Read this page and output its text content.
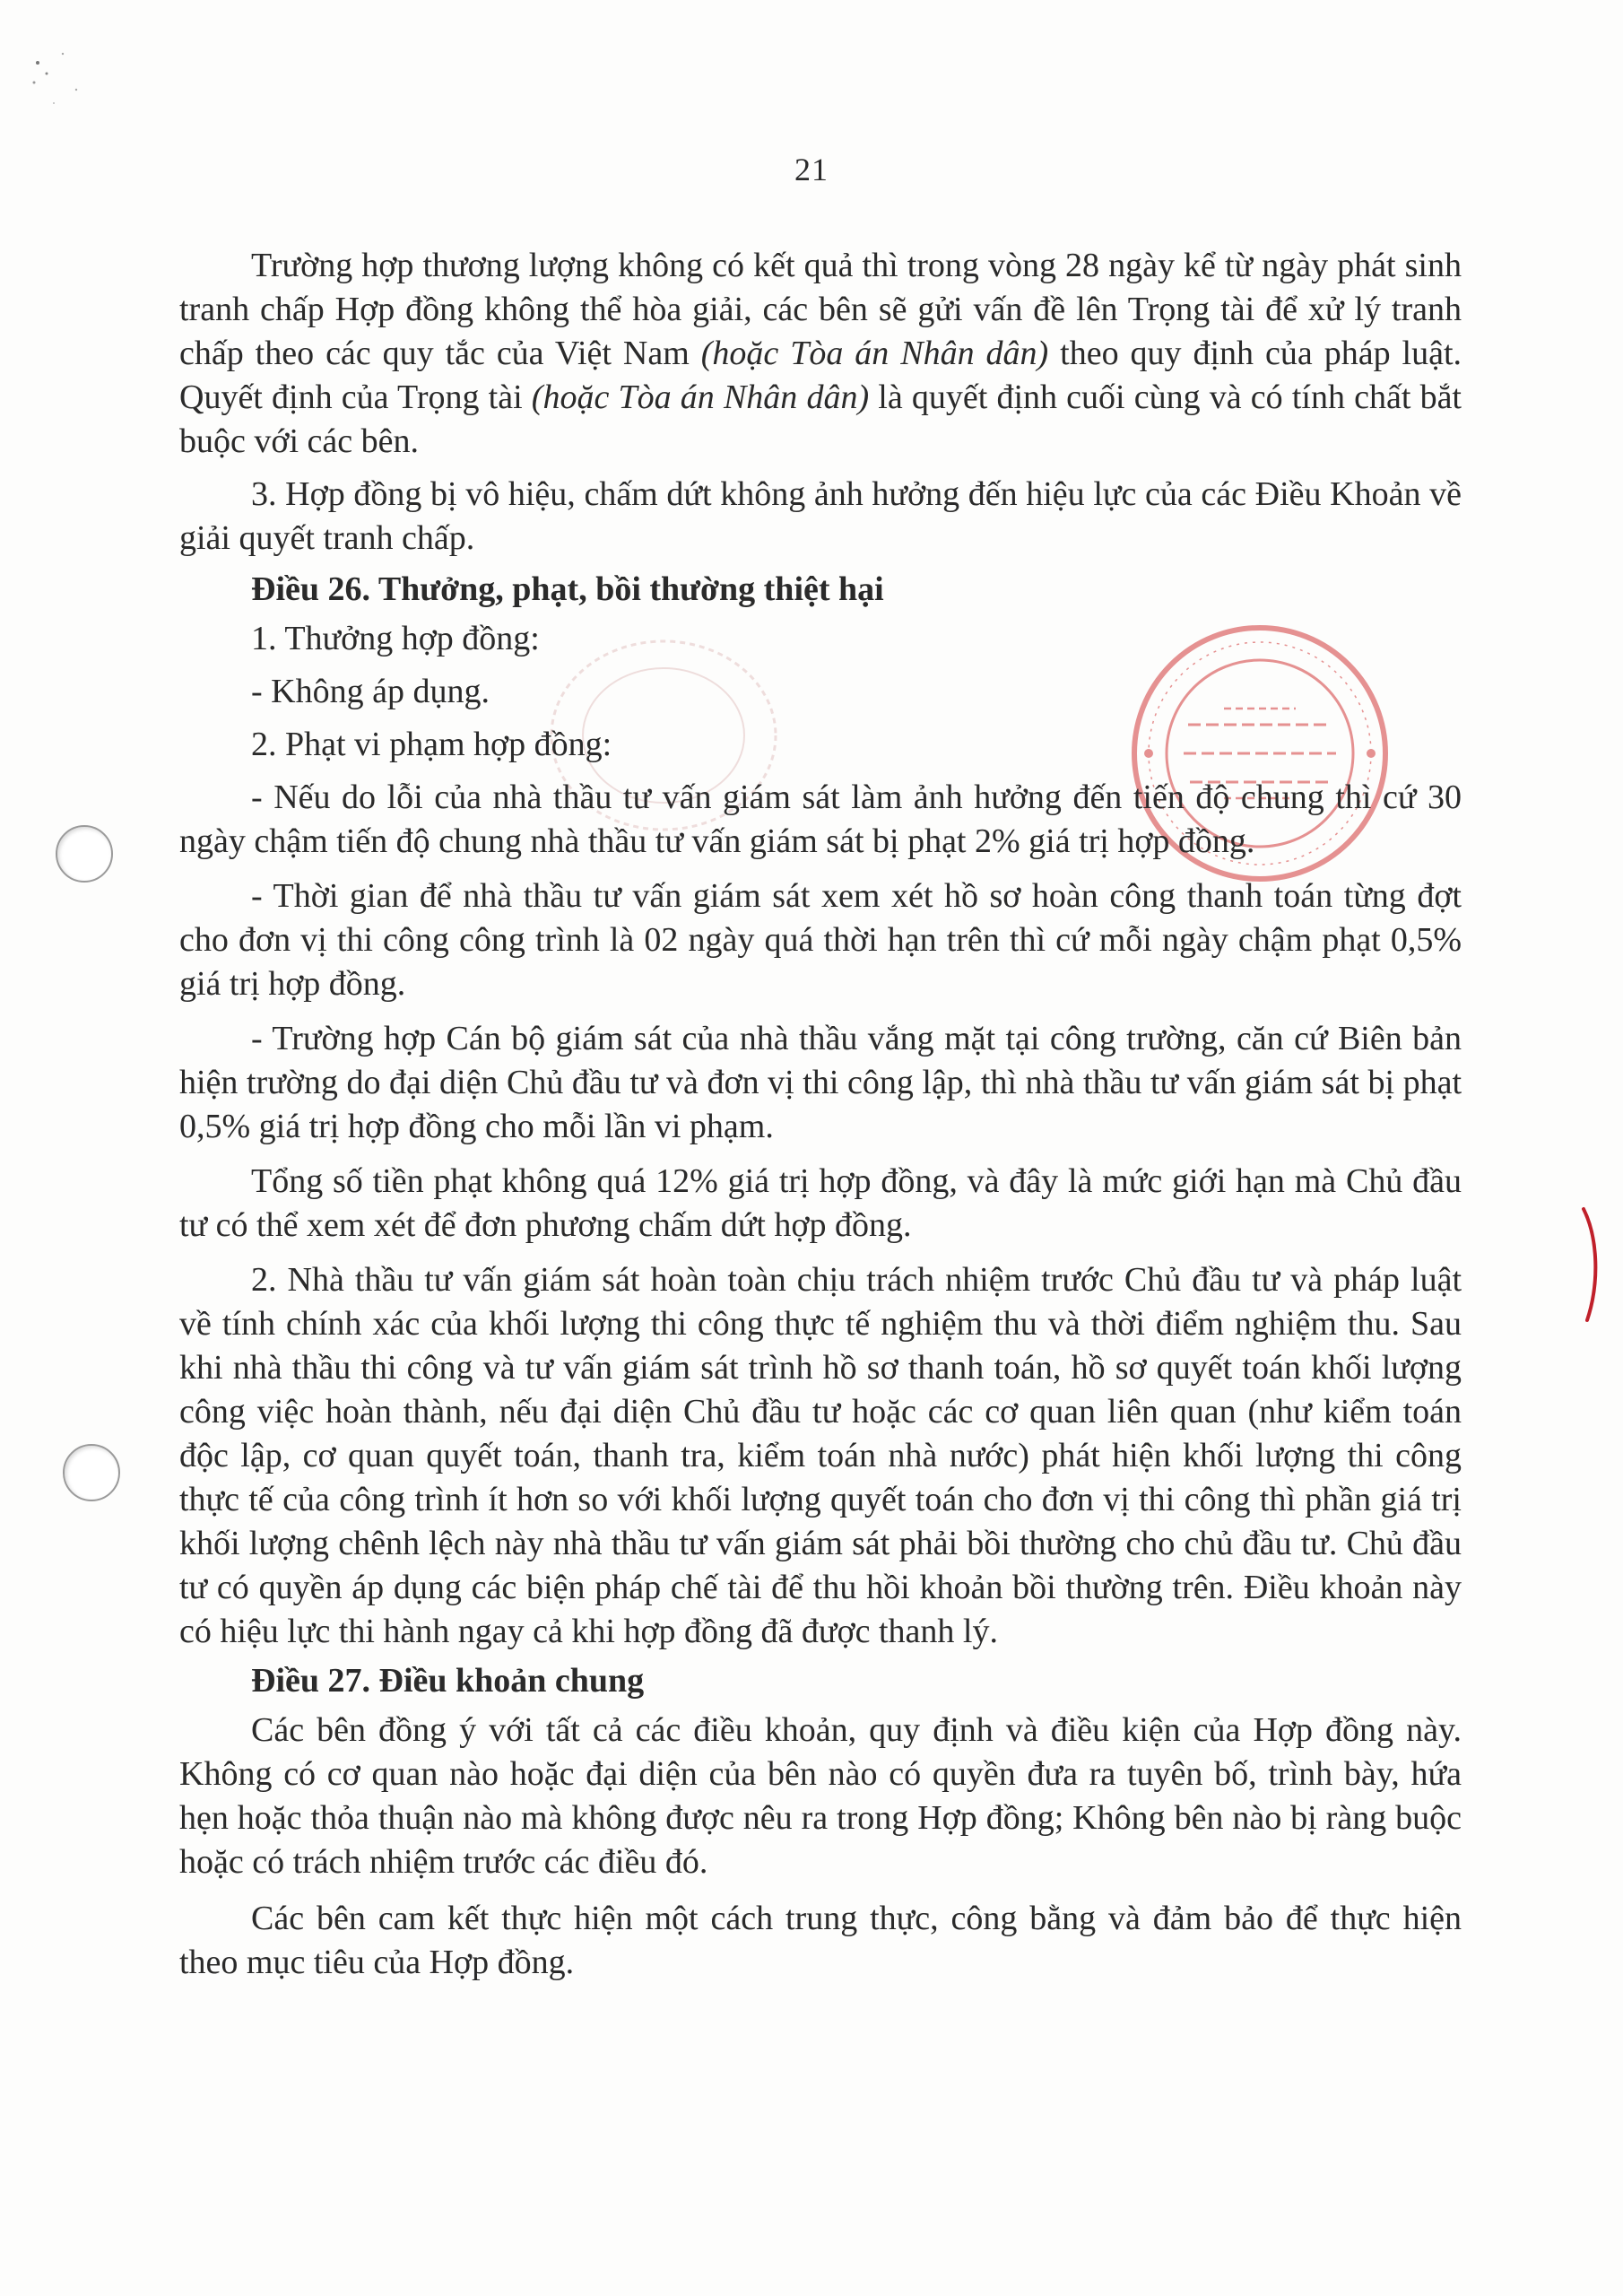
21

Trường hợp thương lượng không có kết quả thì trong vòng 28 ngày kể từ ngày phát sinh tranh chấp Hợp đồng không thể hòa giải, các bên sẽ gửi vấn đề lên Trọng tài để xử lý tranh chấp theo các quy tắc của Việt Nam (hoặc Tòa án Nhân dân) theo quy định của pháp luật. Quyết định của Trọng tài (hoặc Tòa án Nhân dân) là quyết định cuối cùng và có tính chất bắt buộc với các bên.

3. Hợp đồng bị vô hiệu, chấm dứt không ảnh hưởng đến hiệu lực của các Điều Khoản về giải quyết tranh chấp.

Điều 26. Thưởng, phạt, bồi thường thiệt hại

1. Thưởng hợp đồng:

- Không áp dụng.

2. Phạt vi phạm hợp đồng:

- Nếu do lỗi của nhà thầu tư vấn giám sát làm ảnh hưởng đến tiến độ chung thì cứ 30 ngày chậm tiến độ chung nhà thầu tư vấn giám sát bị phạt 2% giá trị hợp đồng.

- Thời gian để nhà thầu tư vấn giám sát xem xét hồ sơ hoàn công thanh toán từng đợt cho đơn vị thi công công trình là 02 ngày quá thời hạn trên thì cứ mỗi ngày chậm phạt 0,5% giá trị hợp đồng.

- Trường hợp Cán bộ giám sát của nhà thầu vắng mặt tại công trường, căn cứ Biên bản hiện trường do đại diện Chủ đầu tư và đơn vị thi công lập, thì nhà thầu tư vấn giám sát bị phạt 0,5% giá trị hợp đồng cho mỗi lần vi phạm.

Tổng số tiền phạt không quá 12% giá trị hợp đồng, và đây là mức giới hạn mà Chủ đầu tư có thể xem xét để đơn phương chấm dứt hợp đồng.

2. Nhà thầu tư vấn giám sát hoàn toàn chịu trách nhiệm trước Chủ đầu tư và pháp luật về tính chính xác của khối lượng thi công thực tế nghiệm thu và thời điểm nghiệm thu. Sau khi nhà thầu thi công và tư vấn giám sát trình hồ sơ thanh toán, hồ sơ quyết toán khối lượng công việc hoàn thành, nếu đại diện Chủ đầu tư hoặc các cơ quan liên quan (như kiểm toán độc lập, cơ quan quyết toán, thanh tra, kiểm toán nhà nước) phát hiện khối lượng thi công thực tế của công trình ít hơn so với khối lượng quyết toán cho đơn vị thi công thì phần giá trị khối lượng chênh lệch này nhà thầu tư vấn giám sát phải bồi thường cho chủ đầu tư. Chủ đầu tư có quyền áp dụng các biện pháp chế tài để thu hồi khoản bồi thường trên. Điều khoản này có hiệu lực thi hành ngay cả khi hợp đồng đã được thanh lý.

Điều 27. Điều khoản chung

Các bên đồng ý với tất cả các điều khoản, quy định và điều kiện của Hợp đồng này. Không có cơ quan nào hoặc đại diện của bên nào có quyền đưa ra tuyên bố, trình bày, hứa hẹn hoặc thỏa thuận nào mà không được nêu ra trong Hợp đồng; Không bên nào bị ràng buộc hoặc có trách nhiệm trước các điều đó.

Các bên cam kết thực hiện một cách trung thực, công bằng và đảm bảo để thực hiện theo mục tiêu của Hợp đồng.
